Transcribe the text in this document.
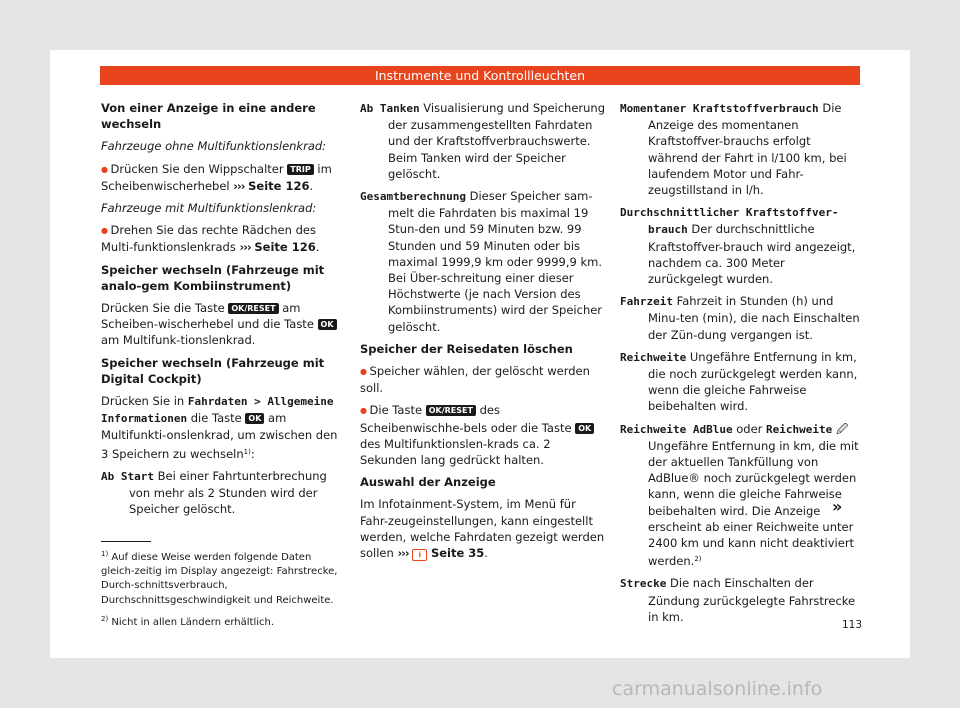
Instrumente und Kontrollleuchten

Von einer Anzeige in eine andere wechseln

Fahrzeuge ohne Multifunktionslenkrad:

● Drücken Sie den Wippschalter TRIP im Scheibenwischerhebel ››› Seite 126.

Fahrzeuge mit Multifunktionslenkrad:

● Drehen Sie das rechte Rädchen des Multi-funktionslenkrads ››› Seite 126.

Speicher wechseln (Fahrzeuge mit analo-gem Kombiinstrument)

Drücken Sie die Taste OK/RESET am Scheiben-wischerhebel und die Taste OK am Multifunk-tionslenkrad.

Speicher wechseln (Fahrzeuge mit Digital Cockpit)

Drücken Sie in Fahrdaten > Allgemeine Informationen die Taste OK am Multifunkti-onslenkrad, um zwischen den 3 Speichern zu wechseln$^{1)}$:

Ab Start Bei einer Fahrtunterbrechung von mehr als 2 Stunden wird der Speicher gelöscht.

Ab Tanken Visualisierung und Speicherung der zusammengestellten Fahrdaten und der Kraftstoffverbrauchswerte. Beim Tanken wird der Speicher gelöscht.

Gesamtberechnung Dieser Speicher sam-melt die Fahrdaten bis maximal 19 Stun-den und 59 Minuten bzw. 99 Stunden und 59 Minuten oder bis maximal 1999,9 km oder 9999,9 km. Bei Über-schreitung einer dieser Höchstwerte (je nach Version des Kombiinstruments) wird der Speicher gelöscht.

Speicher der Reisedaten löschen

● Speicher wählen, der gelöscht werden soll.

● Die Taste OK/RESET des Scheibenwischhe-bels oder die Taste OK des Multifunktionslen-krads ca. 2 Sekunden lang gedrückt halten.

Auswahl der Anzeige

Im Infotainment-System, im Menü für Fahr-zeugeinstellungen, kann eingestellt werden, welche Fahrdaten gezeigt werden sollen ››› i Seite 35.

Momentaner Kraftstoffverbrauch Die Anzeige des momentanen Kraftstoffver-brauchs erfolgt während der Fahrt in l/100 km, bei laufendem Motor und Fahr-zeugstillstand in l/h.

Durchschnittlicher Kraftstoffver-brauch Der durchschnittliche Kraftstoffver-brauch wird angezeigt, nachdem ca. 300 Meter zurückgelegt wurden.

Fahrzeit Fahrzeit in Stunden (h) und Minu-ten (min), die nach Einschalten der Zün-dung vergangen ist.

Reichweite Ungefähre Entfernung in km, die noch zurückgelegt werden kann, wenn die gleiche Fahrweise beibehalten wird.

Reichweite AdBlue oder Reichweite 🖉 Ungefähre Entfernung in km, die mit der aktuellen Tankfüllung von AdBlue® noch zurückgelegt werden kann, wenn die gleiche Fahrweise beibehalten wird. Die Anzeige erscheint ab einer Reichweite unter 2400 km und kann nicht deaktiviert werden.$^{2)}$

Strecke Die nach Einschalten der Zündung zurückgelegte Fahrstrecke in km.

»

$^{1)}$ Auf diese Weise werden folgende Daten gleich-zeitig im Display angezeigt: Fahrstrecke, Durch-schnittsverbrauch, Durchschnittsgeschwindigkeit und Reichweite.

$^{2)}$ Nicht in allen Ländern erhältlich.	113
carmanualsonline.info
